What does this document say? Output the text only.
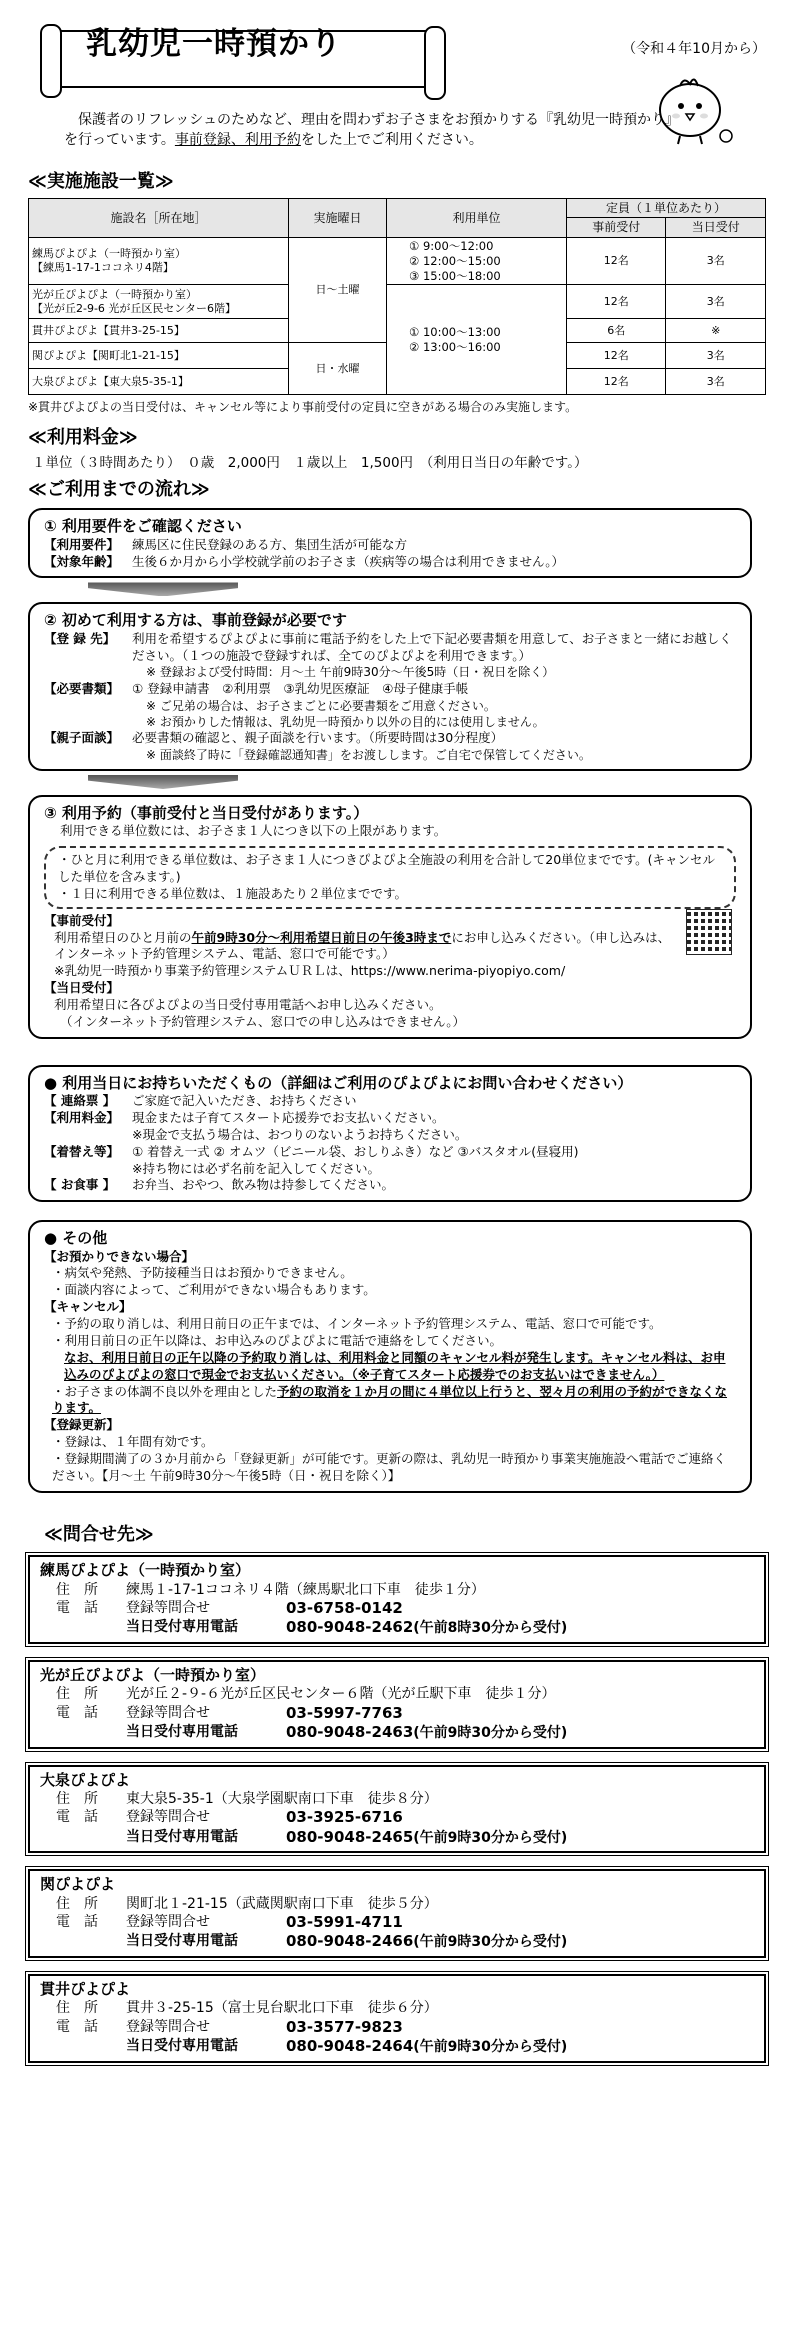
乳幼児一時預かり	（令和４年10月から）

保護者のリフレッシュのためなど、理由を問わずお子さまをお預かりする『乳幼児一時預かり』を行っています。事前登録、利用予約をした上でご利用ください。

≪実施施設一覧≫
施設名［所在地］	実施曜日	利用単位	定員（１単位あたり）	
			事前受付	当日受付
練馬ぴよぴよ（一時預かり室）
【練馬1-17-1ココネリ4階】	日～土曜	① 9:00～12:00
② 12:00～15:00
③ 15:00～18:00	12名	3名
光が丘ぴよぴよ（一時預かり室）
【光が丘2-9-6 光が丘区民センター6階】		① 10:00～13:00
② 13:00～16:00	12名	3名
貫井ぴよぴよ【貫井3-25-15】			6名	※
関ぴよぴよ【関町北1-21-15】	日・水曜		12名	3名
大泉ぴよぴよ【東大泉5-35-1】			12名	3名
※貫井ぴよぴよの当日受付は、キャンセル等により事前受付の定員に空きがある場合のみ実施します。
≪利用料金≫
１単位（３時間あたり）　０歳　2,000円　１歳以上　1,500円　（利用日当日の年齢です。）
≪ご利用までの流れ≫
① 利用要件をご確認ください
【利用要件】	練馬区に住民登録のある方、集団生活が可能な方
【対象年齢】	生後６か月から小学校就学前のお子さま（疾病等の場合は利用できません。）
② 初めて利用する方は、事前登録が必要です
【登 録 先】	利用を希望するぴよぴよに事前に電話予約をした上で下記必要書類を用意して、お子さまと一緒にお越しください。（１つの施設で登録すれば、全てのぴよぴよを利用できます。）
※ 登録および受付時間：月～土 午前9時30分～午後5時（日・祝日を除く）
【必要書類】	① 登録申請書　②利用票　③乳幼児医療証　④母子健康手帳
※ ご兄弟の場合は、お子さまごとに必要書類をご用意ください。
※ お預かりした情報は、乳幼児一時預かり以外の目的には使用しません。
【親子面談】	必要書類の確認と、親子面談を行います。（所要時間は30分程度）
※ 面談終了時に「登録確認通知書」をお渡しします。ご自宅で保管してください。
③ 利用予約（事前受付と当日受付があります。）
利用できる単位数には、お子さま１人につき以下の上限があります。
・ひと月に利用できる単位数は、お子さま１人につきぴよぴよ全施設の利用を合計して20単位までです。(キャンセルした単位を含みます。)
・１日に利用できる単位数は、１施設あたり２単位までです。
【事前受付】
利用希望日のひと月前の午前9時30分～利用希望日前日の午後3時までにお申し込みください。（申し込みは、インターネット予約管理システム、電話、窓口で可能です。）
※乳幼児一時預かり事業予約管理システムＵＲＬは、https://www.nerima-piyopiyo.com/
【当日受付】
利用希望日に各ぴよぴよの当日受付専用電話へお申し込みください。
（インターネット予約管理システム、窓口での申し込みはできません。）
● 利用当日にお持ちいただくもの（詳細はご利用のぴよぴよにお問い合わせください）
【 連絡票 】	ご家庭で記入いただき、お持ちください
【利用料金】	現金または子育てスタート応援券でお支払いください。
※現金で支払う場合は、おつりのないようお持ちください。
【着替え等】	① 着替え一式 ② オムツ（ビニール袋、おしりふき）など ③バスタオル(昼寝用)
※持ち物には必ず名前を記入してください。
【 お食事 】	お弁当、おやつ、飲み物は持参してください。
● その他
【お預かりできない場合】
・病気や発熱、予防接種当日はお預かりできません。
・面談内容によって、ご利用ができない場合もあります。
【キャンセル】
・予約の取り消しは、利用日前日の正午までは、インターネット予約管理システム、電話、窓口で可能です。
・利用日前日の正午以降は、お申込みのぴよぴよに電話で連絡をしてください。
なお、利用日前日の正午以降の予約取り消しは、利用料金と同額のキャンセル料が発生します。キャンセル料は、お申込みのぴよぴよの窓口で現金でお支払いください。（※子育てスタート応援券でのお支払いはできません。）
・お子さまの体調不良以外を理由とした予約の取消を１か月の間に４単位以上行うと、翌々月の利用の予約ができなくなります。
【登録更新】
・登録は、１年間有効です。
・登録期間満了の３か月前から「登録更新」が可能です。更新の際は、乳幼児一時預かり事業実施施設へ電話でご連絡ください。【月～土 午前9時30分～午後5時（日・祝日を除く）】
≪問合せ先≫
練馬ぴよぴよ（一時預かり室）
住　所	練馬１-17-1ココネリ４階（練馬駅北口下車　徒歩１分）
電　話	登録等問合せ	03-6758-0142
当日受付専用電話	080-9048-2462(午前8時30分から受付)
光が丘ぴよぴよ（一時預かり室）
住　所	光が丘２-９-６光が丘区民センター６階（光が丘駅下車　徒歩１分）
電　話	登録等問合せ	03-5997-7763
当日受付専用電話	080-9048-2463(午前9時30分から受付)
大泉ぴよぴよ
住　所	東大泉5-35-1（大泉学園駅南口下車　徒歩８分）
電　話	登録等問合せ	03-3925-6716
当日受付専用電話	080-9048-2465(午前9時30分から受付)
関ぴよぴよ
住　所	関町北１-21-15（武蔵関駅南口下車　徒歩５分）
電　話	登録等問合せ	03-5991-4711
当日受付専用電話	080-9048-2466(午前9時30分から受付)
貫井ぴよぴよ
住　所	貫井３-25-15（富士見台駅北口下車　徒歩６分）
電　話	登録等問合せ	03-3577-9823
当日受付専用電話	080-9048-2464(午前9時30分から受付)
